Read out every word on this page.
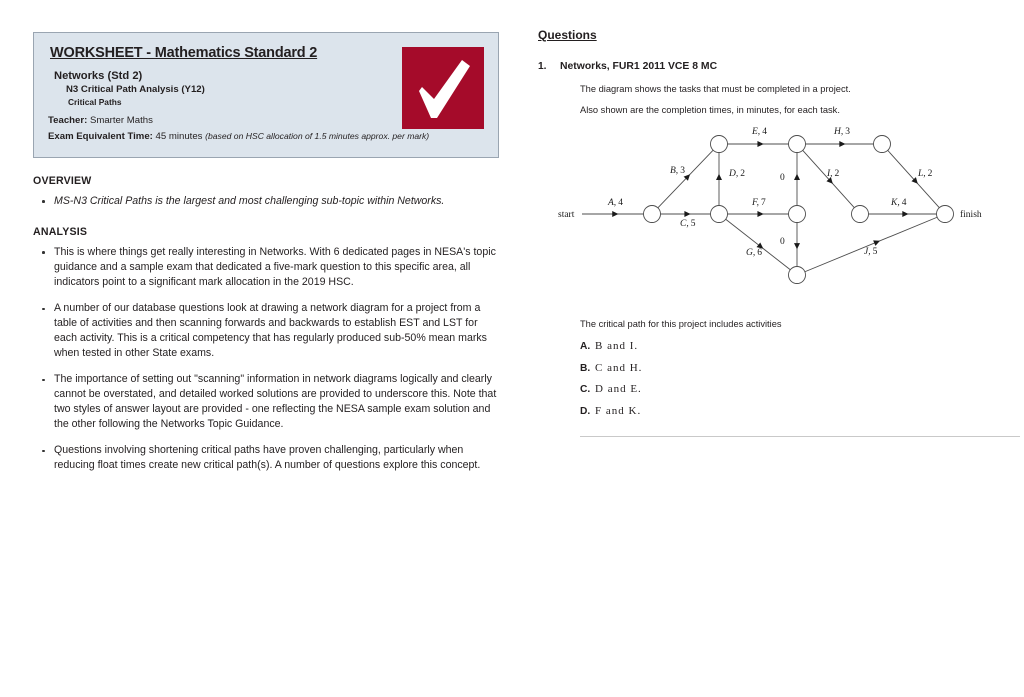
WORKSHEET - Mathematics Standard 2
Networks (Std 2)
N3 Critical Path Analysis (Y12)
Critical Paths
Teacher: Smarter Maths
Exam Equivalent Time: 45 minutes (based on HSC allocation of 1.5 minutes approx. per mark)
OVERVIEW
MS-N3 Critical Paths is the largest and most challenging sub-topic within Networks.
ANALYSIS
This is where things get really interesting in Networks. With 6 dedicated pages in NESA's topic guidance and a sample exam that dedicated a five-mark question to this specific area, all indicators point to a significant mark allocation in the 2019 HSC.
A number of our database questions look at drawing a network diagram for a project from a table of activities and then scanning forwards and backwards to establish EST and LST for each activity. This is a critical competency that has regularly produced sub-50% mean marks when tested in other State exams.
The importance of setting out "scanning" information in network diagrams logically and clearly cannot be overstated, and detailed worked solutions are provided to underscore this. Note that two styles of answer layout are provided - one reflecting the NESA sample exam solution and the other following the Networks Topic Guidance.
Questions involving shortening critical paths have proven challenging, particularly when reducing float times create new critical path(s). A number of questions explore this concept.
Questions
1. Networks, FUR1 2011 VCE 8 MC

The diagram shows the tasks that must be completed in a project.

Also shown are the completion times, in minutes, for each task.

A, 4
B, 3
C, 5
D, 2
E, 4
F, 7
G, 6
H, 3
I, 2
J, 5
K, 4
L, 2
0
0
start	finish

The critical path for this project includes activities

A. B and I.
B. C and H.
C. D and E.
D. F and K.
